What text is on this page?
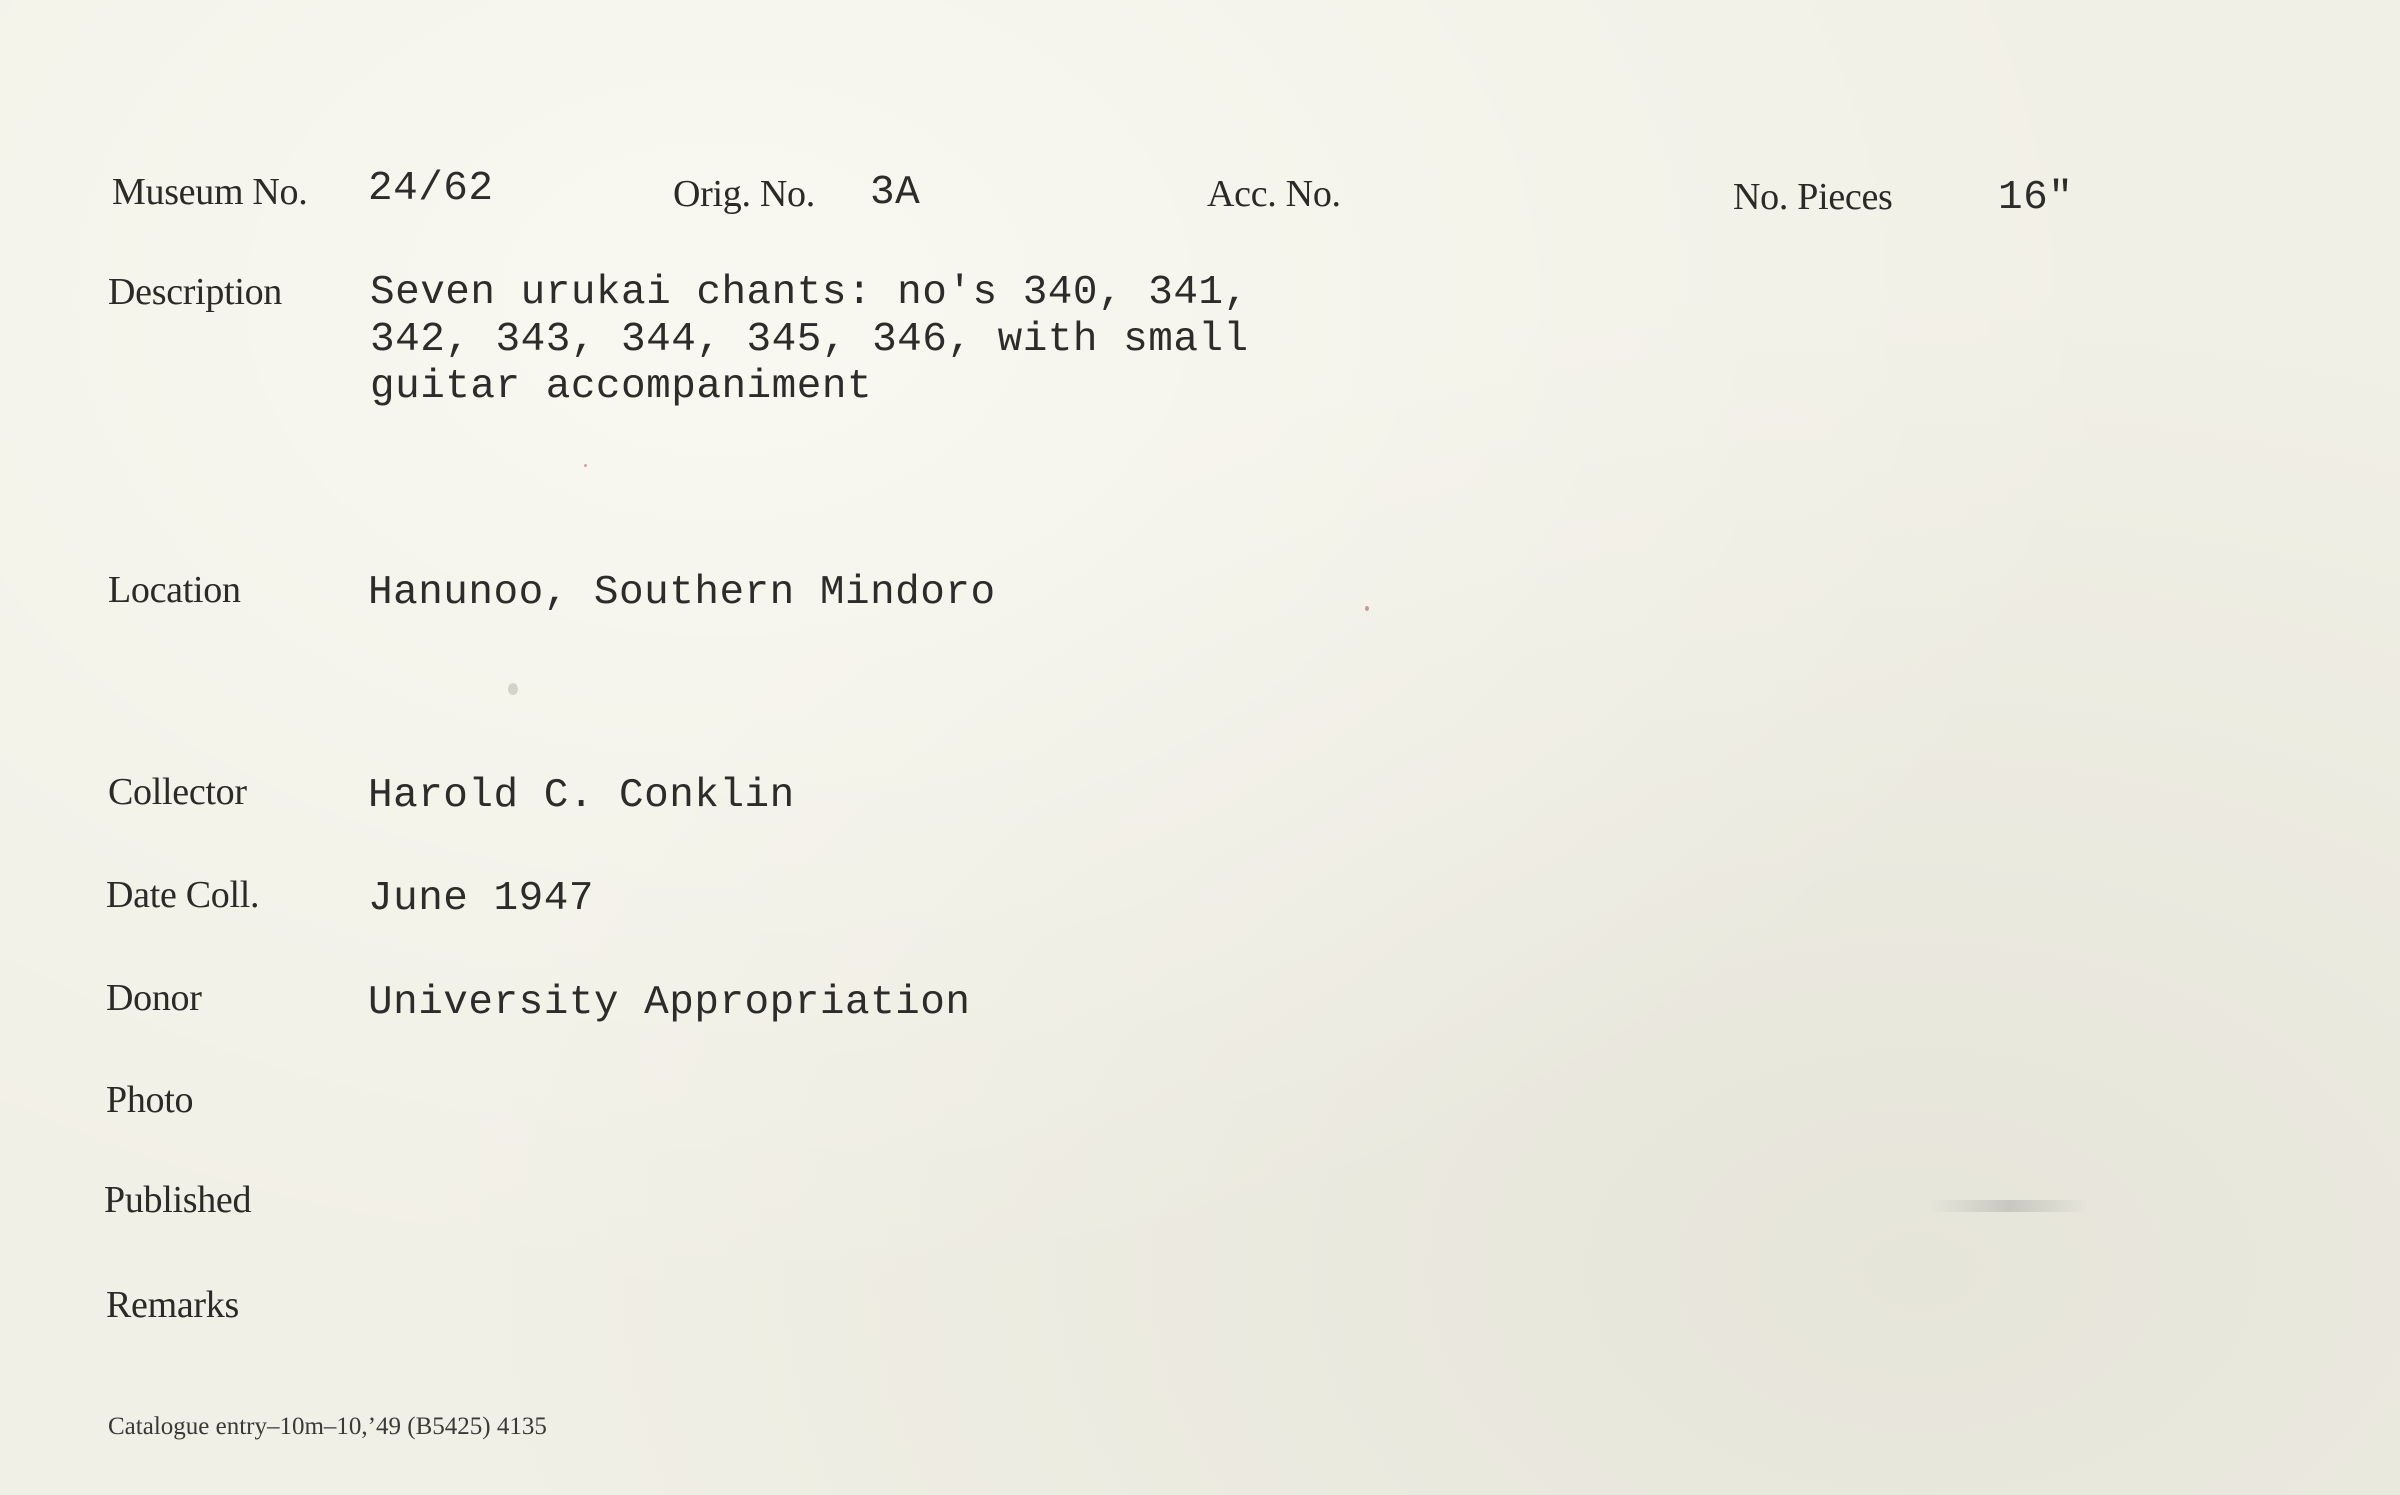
Museum No. 24/62	Orig. No. 3A	Acc. No.	No. Pieces	16"
Description Seven urukai chants: no's 340, 341,
342, 343, 344, 345, 346, with small
guitar accompaniment
Location	Hanunoo, Southern Mindoro
Collector	Harold C. Conklin
Date Coll.	June 1947
Donor	University Appropriation
Photo
Published
Remarks
Catalogue entry–10m–10,’49 (B5425) 4135
